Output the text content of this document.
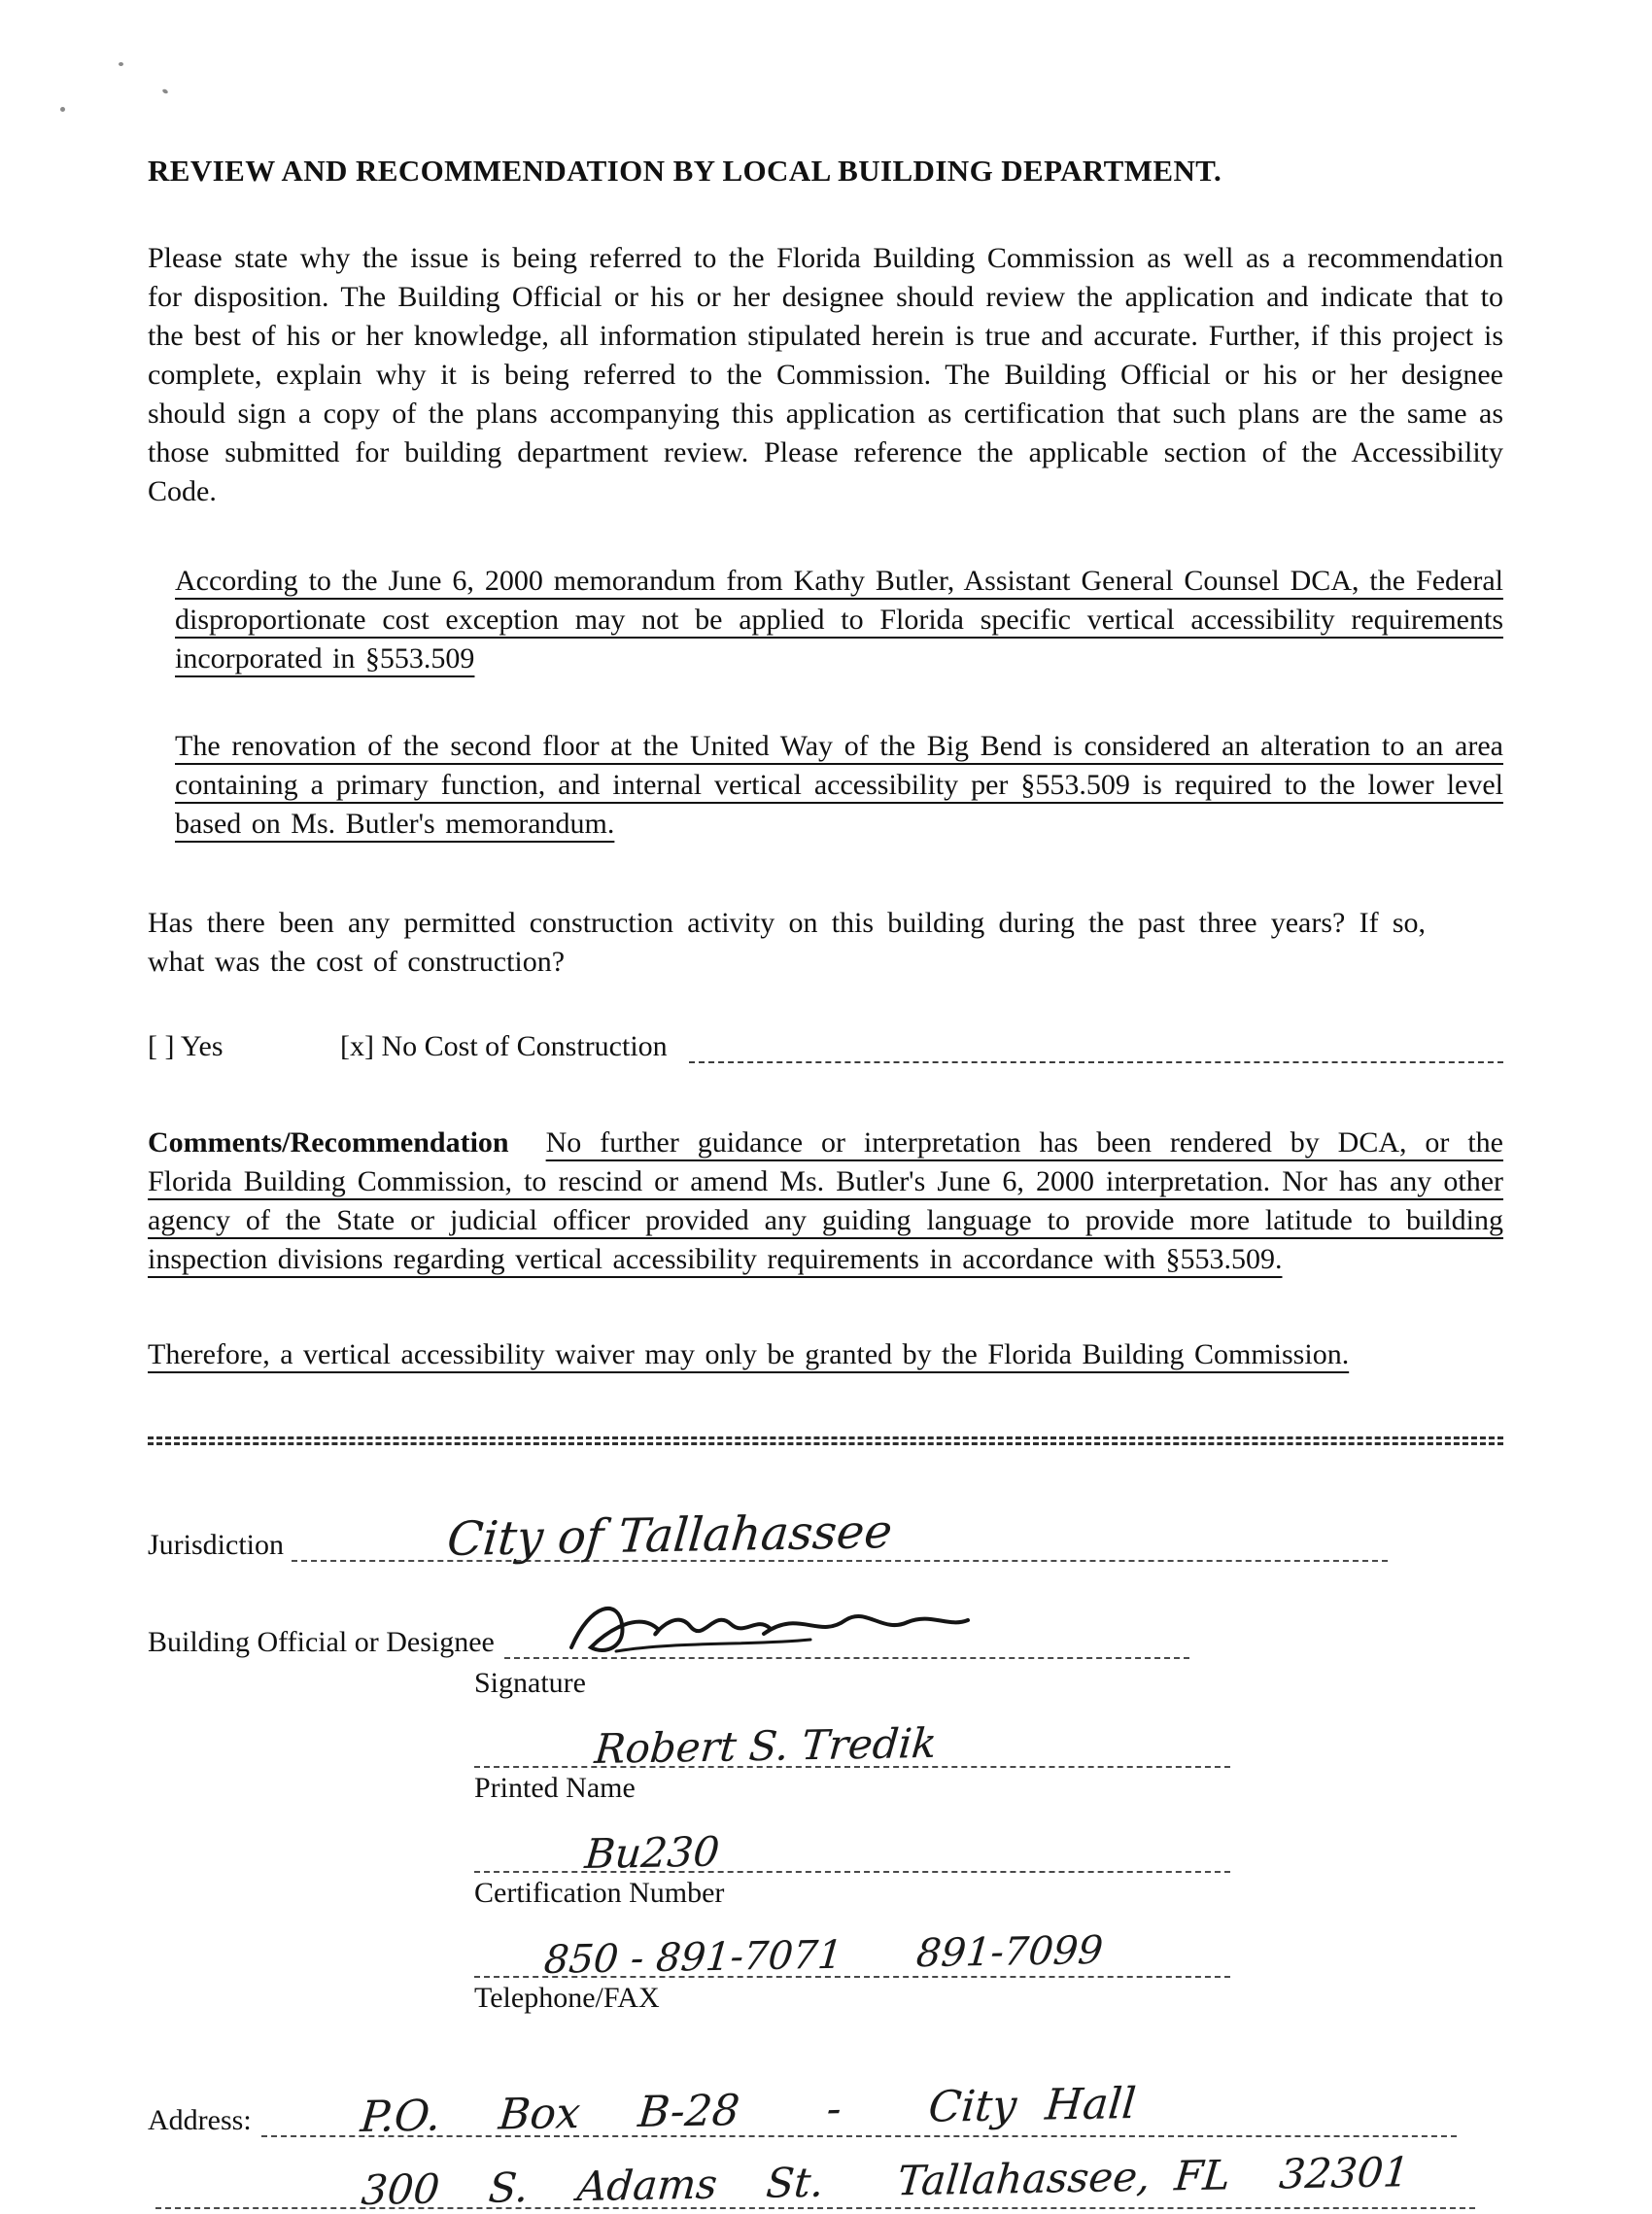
REVIEW AND RECOMMENDATION BY LOCAL BUILDING DEPARTMENT.

Please state why the issue is being referred to the Florida Building Commission as well as a recommendation for disposition. The Building Official or his or her designee should review the application and indicate that to the best of his or her knowledge, all information stipulated herein is true and accurate. Further, if this project is complete, explain why it is being referred to the Commission. The Building Official or his or her designee should sign a copy of the plans accompanying this application as certification that such plans are the same as those submitted for building department review. Please reference the applicable section of the Accessibility Code.

According to the June 6, 2000 memorandum from Kathy Butler, Assistant General Counsel DCA, the Federal disproportionate cost exception may not be applied to Florida specific vertical accessibility requirements incorporated in §553.509

The renovation of the second floor at the United Way of the Big Bend is considered an alteration to an area containing a primary function, and internal vertical accessibility per §553.509 is required to the lower level based on Ms. Butler's memorandum.

Has there been any permitted construction activity on this building during the past three years? If so, what was the cost of construction?

[ ] Yes	[x] No Cost of Construction

Comments/Recommendation No further guidance or interpretation has been rendered by DCA, or the Florida Building Commission, to rescind or amend Ms. Butler's June 6, 2000 interpretation. Nor has any other agency of the State or judicial officer provided any guiding language to provide more latitude to building inspection divisions regarding vertical accessibility requirements in accordance with §553.509.

Therefore, a vertical accessibility waiver may only be granted by the Florida Building Commission.

Jurisdiction	City of Tallahassee
Building Official or Designee
Signature
Robert S. Tredik
Printed Name
Bu230
Certification Number
850 - 891-7071      891-7099
Telephone/FAX
Address:	P.O.  Box  B-28   -   City Hall
300  S.  Adams  St.   Tallahassee, FL  32301
